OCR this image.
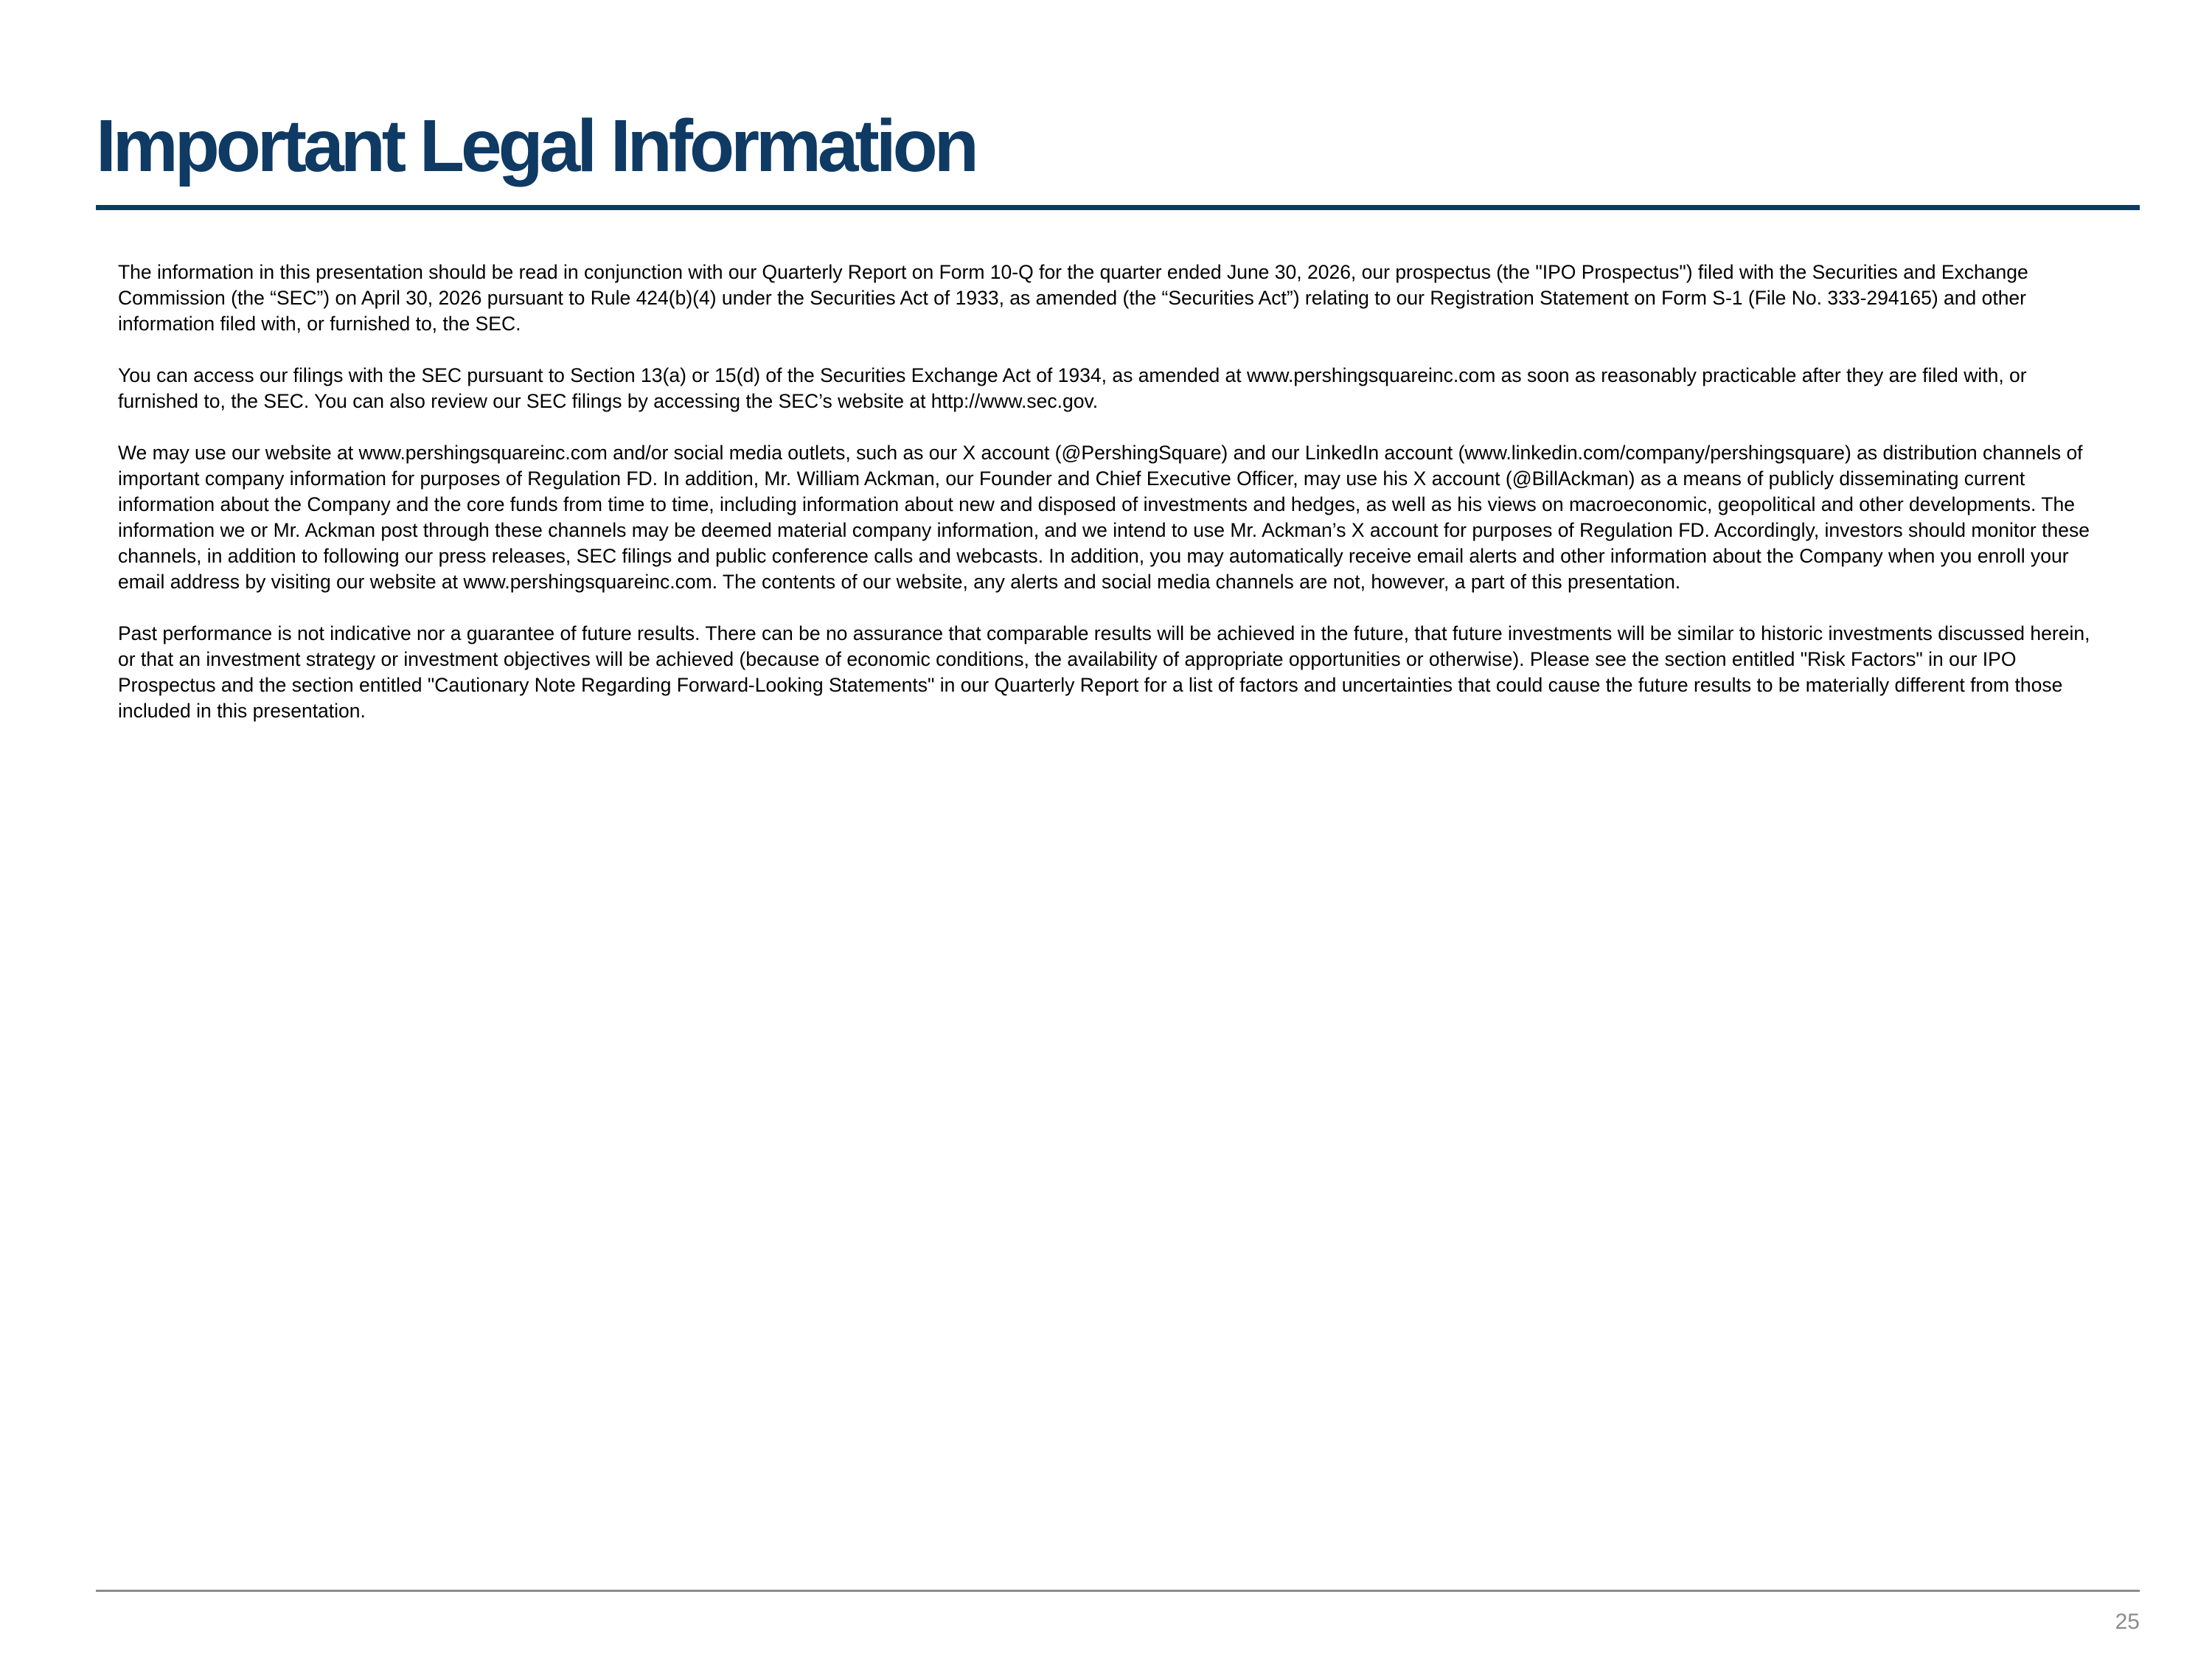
Important Legal Information

The information in this presentation should be read in conjunction with our Quarterly Report on Form 10-Q for the quarter ended June 30, 2026, our prospectus (the "IPO Prospectus") filed with the Securities and Exchange Commission (the “SEC”) on April 30, 2026 pursuant to Rule 424(b)(4) under the Securities Act of 1933, as amended (the “Securities Act”) relating to our Registration Statement on Form S-1 (File No. 333-294165) and other information filed with, or furnished to, the SEC.

You can access our filings with the SEC pursuant to Section 13(a) or 15(d) of the Securities Exchange Act of 1934, as amended at www.pershingsquareinc.com as soon as reasonably practicable after they are filed with, or furnished to, the SEC. You can also review our SEC filings by accessing the SEC’s website at http://www.sec.gov.

We may use our website at www.pershingsquareinc.com and/or social media outlets, such as our X account (@PershingSquare) and our LinkedIn account (www.linkedin.com/company/pershingsquare) as distribution channels of important company information for purposes of Regulation FD. In addition, Mr. William Ackman, our Founder and Chief Executive Officer, may use his X account (@BillAckman) as a means of publicly disseminating current information about the Company and the core funds from time to time, including information about new and disposed of investments and hedges, as well as his views on macroeconomic, geopolitical and other developments. The information we or Mr. Ackman post through these channels may be deemed material company information, and we intend to use Mr. Ackman’s X account for purposes of Regulation FD. Accordingly, investors should monitor these channels, in addition to following our press releases, SEC filings and public conference calls and webcasts. In addition, you may automatically receive email alerts and other information about the Company when you enroll your email address by visiting our website at www.pershingsquareinc.com. The contents of our website, any alerts and social media channels are not, however, a part of this presentation.

Past performance is not indicative nor a guarantee of future results. There can be no assurance that comparable results will be achieved in the future, that future investments will be similar to historic investments discussed herein, or that an investment strategy or investment objectives will be achieved (because of economic conditions, the availability of appropriate opportunities or otherwise). Please see the section entitled "Risk Factors" in our IPO Prospectus and the section entitled "Cautionary Note Regarding Forward-Looking Statements" in our Quarterly Report for a list of factors and uncertainties that could cause the future results to be materially different from those included in this presentation.

25
